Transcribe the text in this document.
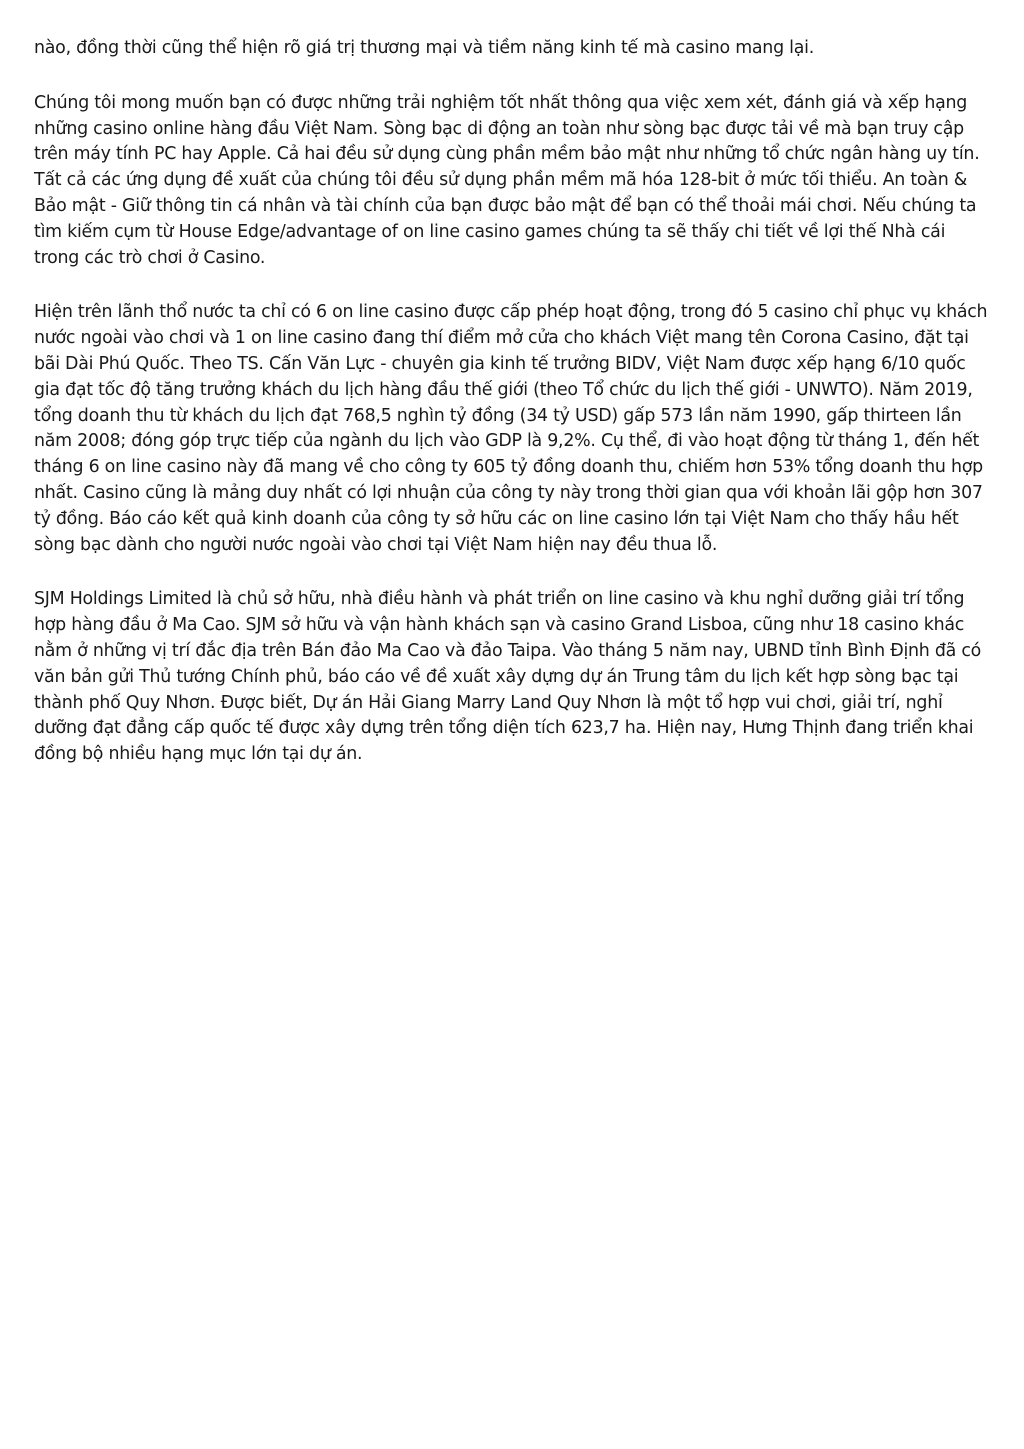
nào, đồng thời cũng thể hiện rõ giá trị thương mại và tiềm năng kinh tế mà casino mang lại.

Chúng tôi mong muốn bạn có được những trải nghiệm tốt nhất thông qua việc xem xét, đánh giá và xếp hạng những casino online hàng đầu Việt Nam. Sòng bạc di động an toàn như sòng bạc được tải về mà bạn truy cập trên máy tính PC hay Apple. Cả hai đều sử dụng cùng phần mềm bảo mật như những tổ chức ngân hàng uy tín. Tất cả các ứng dụng đề xuất của chúng tôi đều sử dụng phần mềm mã hóa 128-bit ở mức tối thiểu. An toàn & Bảo mật - Giữ thông tin cá nhân và tài chính của bạn được bảo mật để bạn có thể thoải mái chơi. Nếu chúng ta tìm kiếm cụm từ House Edge/advantage of on line casino games chúng ta sẽ thấy chi tiết về lợi thế Nhà cái trong các trò chơi ở Casino.

Hiện trên lãnh thổ nước ta chỉ có 6 on line casino được cấp phép hoạt động, trong đó 5 casino chỉ phục vụ khách nước ngoài vào chơi và 1 on line casino đang thí điểm mở cửa cho khách Việt mang tên Corona Casino, đặt tại bãi Dài Phú Quốc. Theo TS. Cấn Văn Lực - chuyên gia kinh tế trưởng BIDV, Việt Nam được xếp hạng 6/10 quốc gia đạt tốc độ tăng trưởng khách du lịch hàng đầu thế giới (theo Tổ chức du lịch thế giới - UNWTO). Năm 2019, tổng doanh thu từ khách du lịch đạt 768,5 nghìn tỷ đồng (34 tỷ USD) gấp 573 lần năm 1990, gấp thirteen lần năm 2008; đóng góp trực tiếp của ngành du lịch vào GDP là 9,2%. Cụ thể, đi vào hoạt động từ tháng 1, đến hết tháng 6 on line casino này đã mang về cho công ty 605 tỷ đồng doanh thu, chiếm hơn 53% tổng doanh thu hợp nhất. Casino cũng là mảng duy nhất có lợi nhuận của công ty này trong thời gian qua với khoản lãi gộp hơn 307 tỷ đồng. Báo cáo kết quả kinh doanh của công ty sở hữu các on line casino lớn tại Việt Nam cho thấy hầu hết sòng bạc dành cho người nước ngoài vào chơi tại Việt Nam hiện nay đều thua lỗ.

SJM Holdings Limited là chủ sở hữu, nhà điều hành và phát triển on line casino và khu nghỉ dưỡng giải trí tổng hợp hàng đầu ở Ma Cao. SJM sở hữu và vận hành khách sạn và casino Grand Lisboa, cũng như 18 casino khác nằm ở những vị trí đắc địa trên Bán đảo Ma Cao và đảo Taipa. Vào tháng 5 năm nay, UBND tỉnh Bình Định đã có văn bản gửi Thủ tướng Chính phủ, báo cáo về đề xuất xây dựng dự án Trung tâm du lịch kết hợp sòng bạc tại thành phố Quy Nhơn. Được biết, Dự án Hải Giang Marry Land Quy Nhơn là một tổ hợp vui chơi, giải trí, nghỉ dưỡng đạt đẳng cấp quốc tế được xây dựng trên tổng diện tích 623,7 ha. Hiện nay, Hưng Thịnh đang triển khai đồng bộ nhiều hạng mục lớn tại dự án.
